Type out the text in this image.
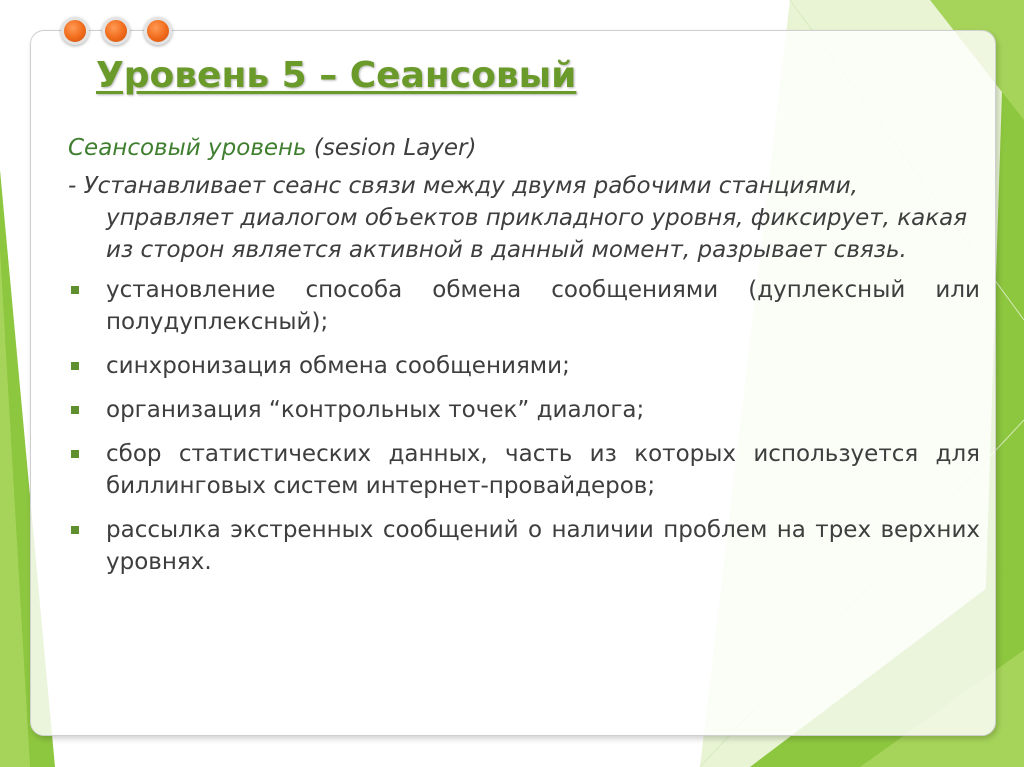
Уровень 5 – Сеансовый

Сеансовый уровень (sesion Layer)

- Устанавливает сеанс связи между двумя рабочими станциями, управляет диалогом объектов прикладного уровня, фиксирует, какая из сторон является активной в данный момент, разрывает связь.

установление способа обмена сообщениями (дуплексный или полудуплексный);
синхронизация обмена сообщениями;
организация “контрольных точек” диалога;
сбор статистических данных, часть из которых используется для биллинговых систем интернет-провайдеров;
рассылка экстренных сообщений о наличии проблем на трех верхних уровнях.
